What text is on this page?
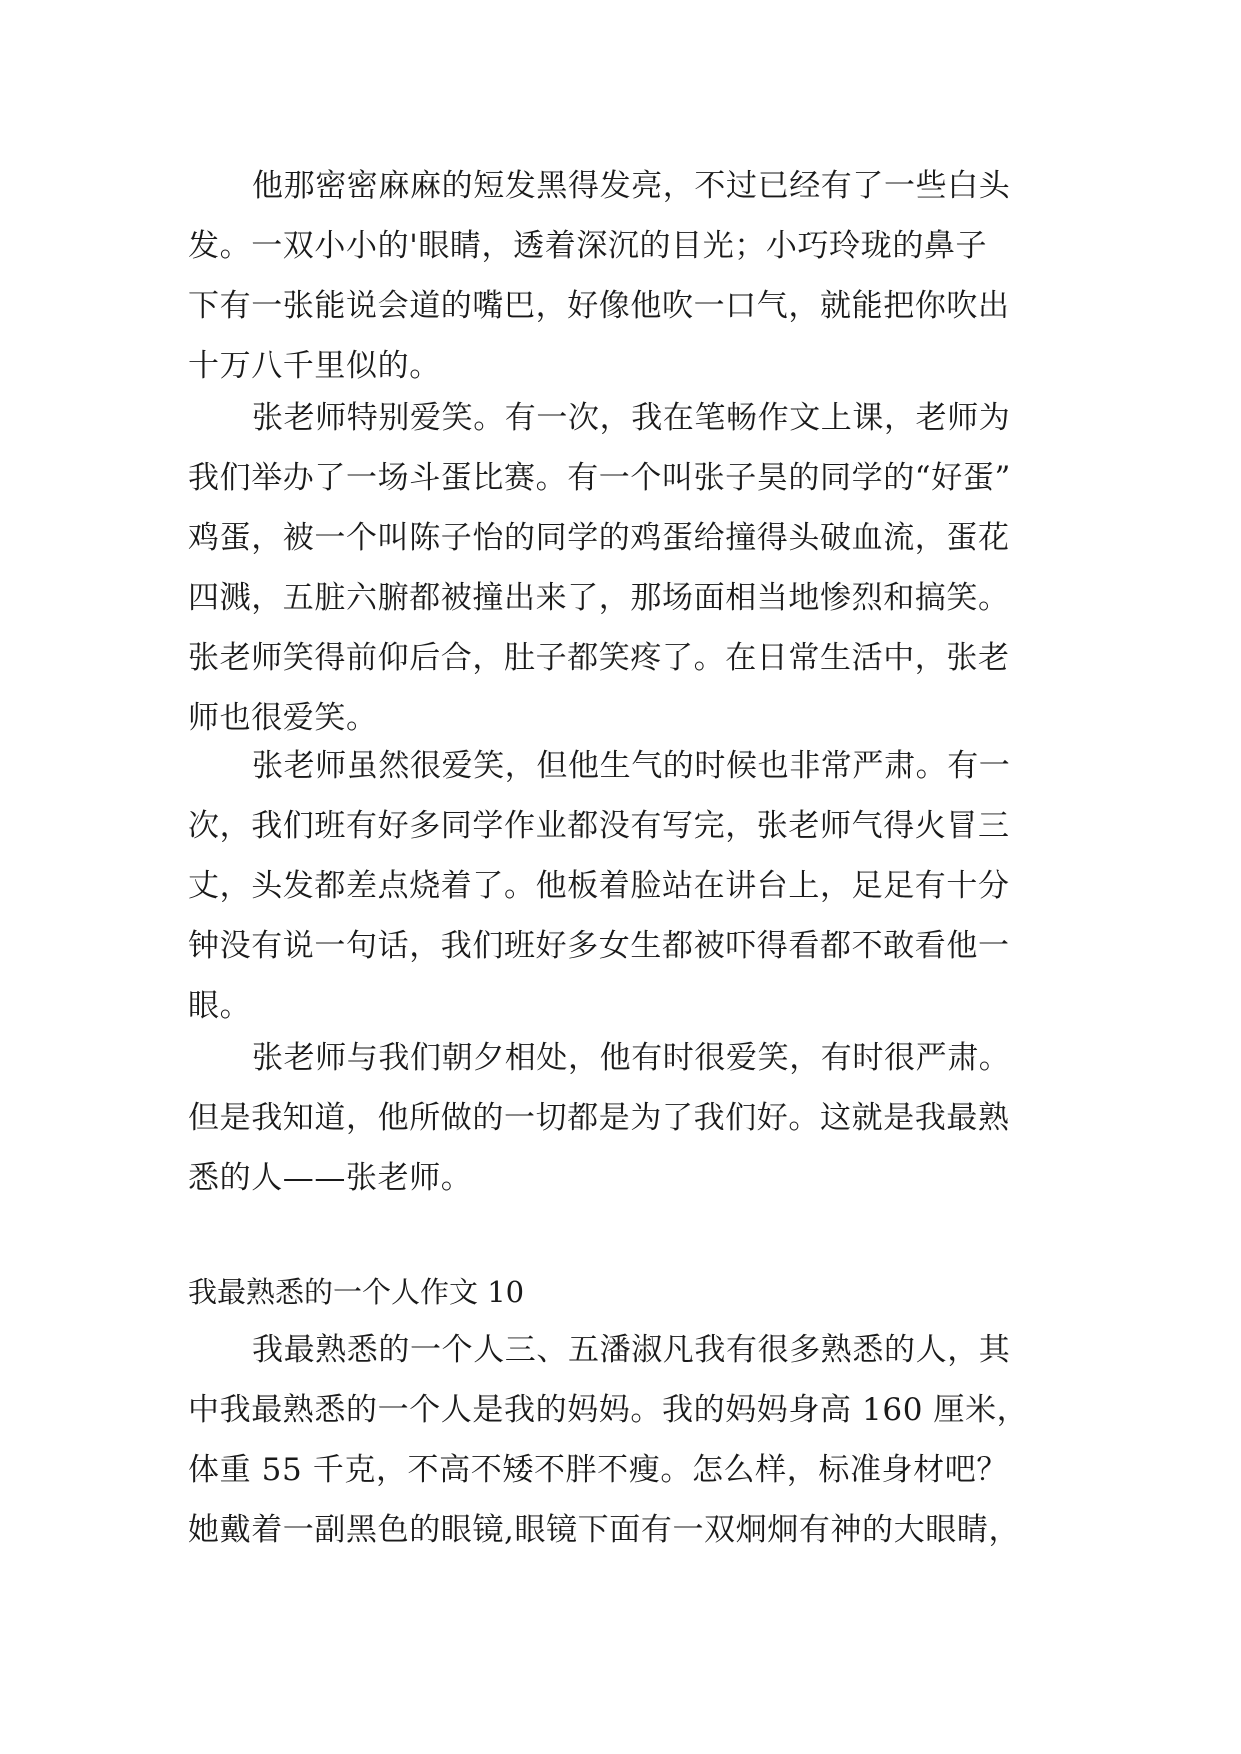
他那密密麻麻的短发黑得发亮，不过已经有了一些白头
发。一双小小的'眼睛，透着深沉的目光；小巧玲珑的鼻子
下有一张能说会道的嘴巴，好像他吹一口气，就能把你吹出
十万八千里似的。
张老师特别爱笑。有一次，我在笔畅作文上课，老师为
我们举办了一场斗蛋比赛。有一个叫张子昊的同学的“好蛋”
鸡蛋，被一个叫陈子怡的同学的鸡蛋给撞得头破血流，蛋花
四溅，五脏六腑都被撞出来了，那场面相当地惨烈和搞笑。
张老师笑得前仰后合，肚子都笑疼了。在日常生活中，张老
师也很爱笑。
张老师虽然很爱笑，但他生气的时候也非常严肃。有一
次，我们班有好多同学作业都没有写完，张老师气得火冒三
丈，头发都差点烧着了。他板着脸站在讲台上，足足有十分
钟没有说一句话，我们班好多女生都被吓得看都不敢看他一
眼。
张老师与我们朝夕相处，他有时很爱笑，有时很严肃。
但是我知道，他所做的一切都是为了我们好。这就是我最熟
悉的人——张老师。
我最熟悉的一个人作文 10
我最熟悉的一个人三、五潘淑凡我有很多熟悉的人，其
中我最熟悉的一个人是我的妈妈。我的妈妈身高 160 厘米，
体重 55 千克，不高不矮不胖不瘦。怎么样，标准身材吧？
她戴着一副黑色的眼镜,眼镜下面有一双炯炯有神的大眼睛，
